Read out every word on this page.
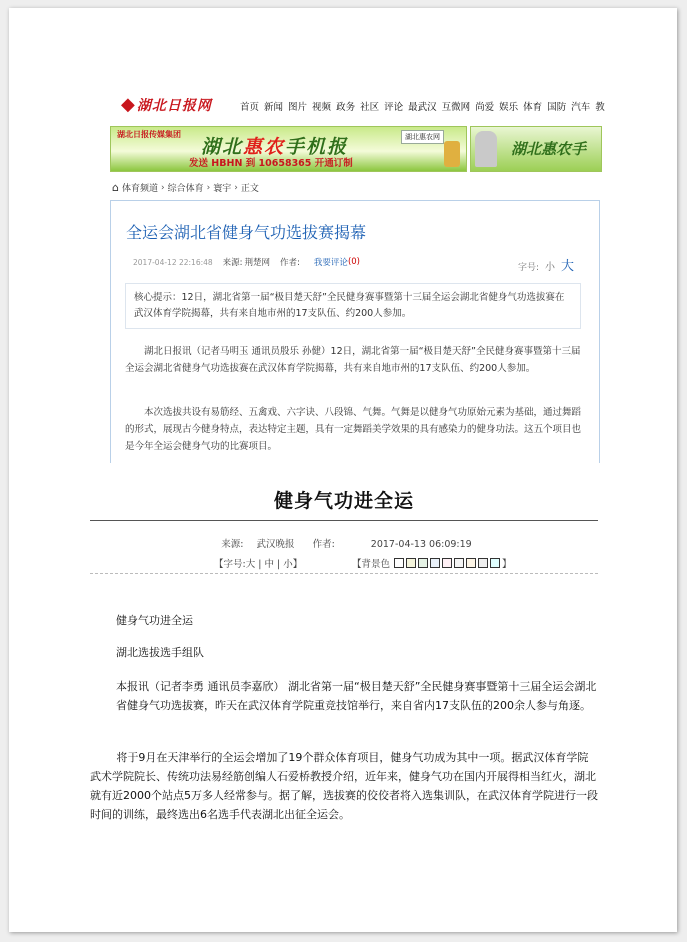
◆ 湖北日报网	首页 新闻 图片 视频 政务 社区 评论 最武汉 互微网 尚爱 娱乐 体育 国防 汽车 教
湖北日报传媒集团
湖北惠农手机报
发送 HBHN 到 10658365 开通订制
湖北惠农网
湖北惠农手
⌂ 体育频道 › 综合体育 › 寰宇 › 正文
全运会湖北省健身气功选拔赛揭幕
2017-04-12 22:16:48 来源: 荆楚网 作者: 我要评论 (0)
字号: 小 大
核心提示：12日，湖北省第一届“极目楚天舒”全民健身赛事暨第十三届全运会湖北省健身气功选拔赛在武汉体育学院揭幕，共有来自地市州的17支队伍、约200人参加。
湖北日报讯（记者马明玉 通讯员殷乐 孙健）12日，湖北省第一届“极目楚天舒”全民健身赛事暨第十三届全运会湖北省健身气功选拔赛在武汉体育学院揭幕，共有来自地市州的17支队伍、约200人参加。
本次选拔共设有易筋经、五禽戏、六字诀、八段锦、气舞。气舞是以健身气功原始元素为基础，通过舞蹈的形式，展现古今健身特点，表达特定主题，具有一定舞蹈美学效果的具有感染力的健身功法。这五个项目也是今年全运会健身气功的比赛项目。
健身气功进全运
来源: 武汉晚报 作者:	2017-04-13 06:09:19
【字号:大 | 中 | 小】	【背景色	】
健身气功进全运
湖北选拔选手组队
本报讯（记者李勇 通讯员李嘉欣） 湖北省第一届“极目楚天舒”全民健身赛事暨第十三届全运会湖北省健身气功选拔赛，昨天在武汉体育学院重竞技馆举行，来自省内17支队伍的200余人参与角逐。
将于9月在天津举行的全运会增加了19个群众体育项目，健身气功成为其中一项。据武汉体育学院武术学院院长、传统功法易经筋创编人石爱桥教授介绍，近年来，健身气功在国内开展得相当红火，湖北就有近2000个站点5万多人经常参与。据了解，选拔赛的佼佼者将入选集训队，在武汉体育学院进行一段时间的训练，最终选出6名选手代表湖北出征全运会。
